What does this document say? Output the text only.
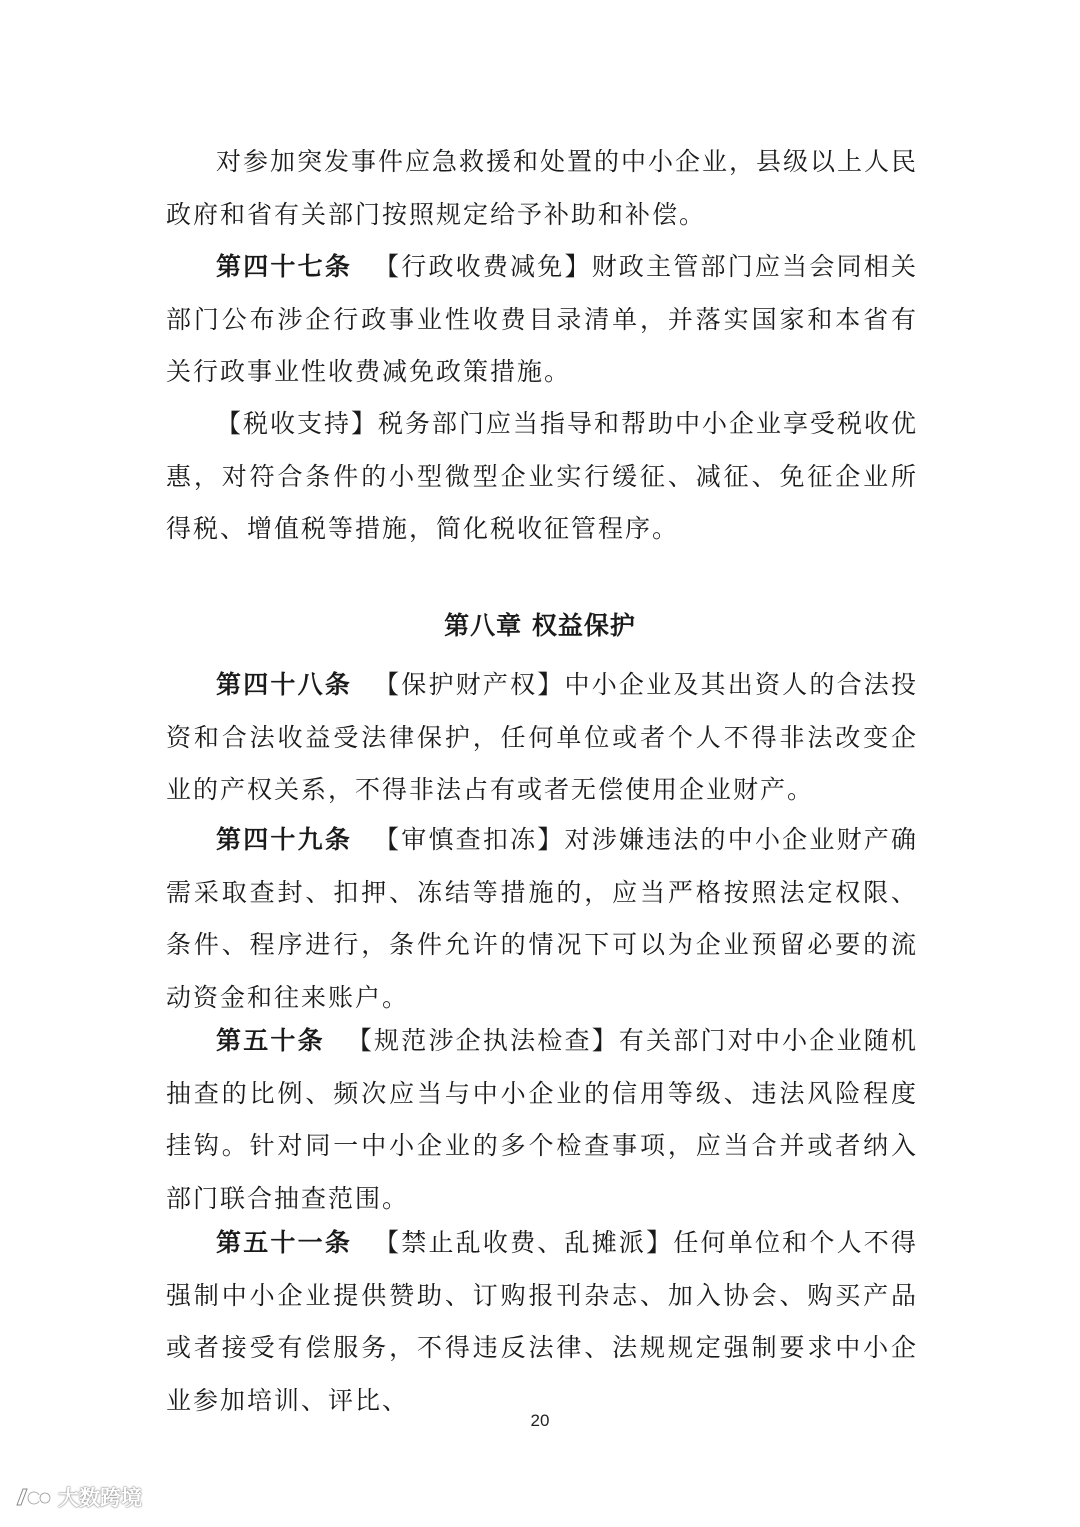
对参加突发事件应急救援和处置的中小企业，县级以上人民政府和省有关部门按照规定给予补助和补偿。

第四十七条 【行政收费减免】财政主管部门应当会同相关部门公布涉企行政事业性收费目录清单，并落实国家和本省有关行政事业性收费减免政策措施。

【税收支持】税务部门应当指导和帮助中小企业享受税收优惠，对符合条件的小型微型企业实行缓征、减征、免征企业所得税、增值税等措施，简化税收征管程序。

第八章 权益保护

第四十八条 【保护财产权】中小企业及其出资人的合法投资和合法收益受法律保护，任何单位或者个人不得非法改变企业的产权关系，不得非法占有或者无偿使用企业财产。

第四十九条 【审慎查扣冻】对涉嫌违法的中小企业财产确需采取查封、扣押、冻结等措施的，应当严格按照法定权限、条件、程序进行，条件允许的情况下可以为企业预留必要的流动资金和往来账户。

第五十条 【规范涉企执法检查】有关部门对中小企业随机抽查的比例、频次应当与中小企业的信用等级、违法风险程度挂钩。针对同一中小企业的多个检查事项，应当合并或者纳入部门联合抽查范围。

第五十一条 【禁止乱收费、乱摊派】任何单位和个人不得强制中小企业提供赞助、订购报刊杂志、加入协会、购买产品或者接受有偿服务，不得违反法律、法规规定强制要求中小企业参加培训、评比、

20
大数跨境
